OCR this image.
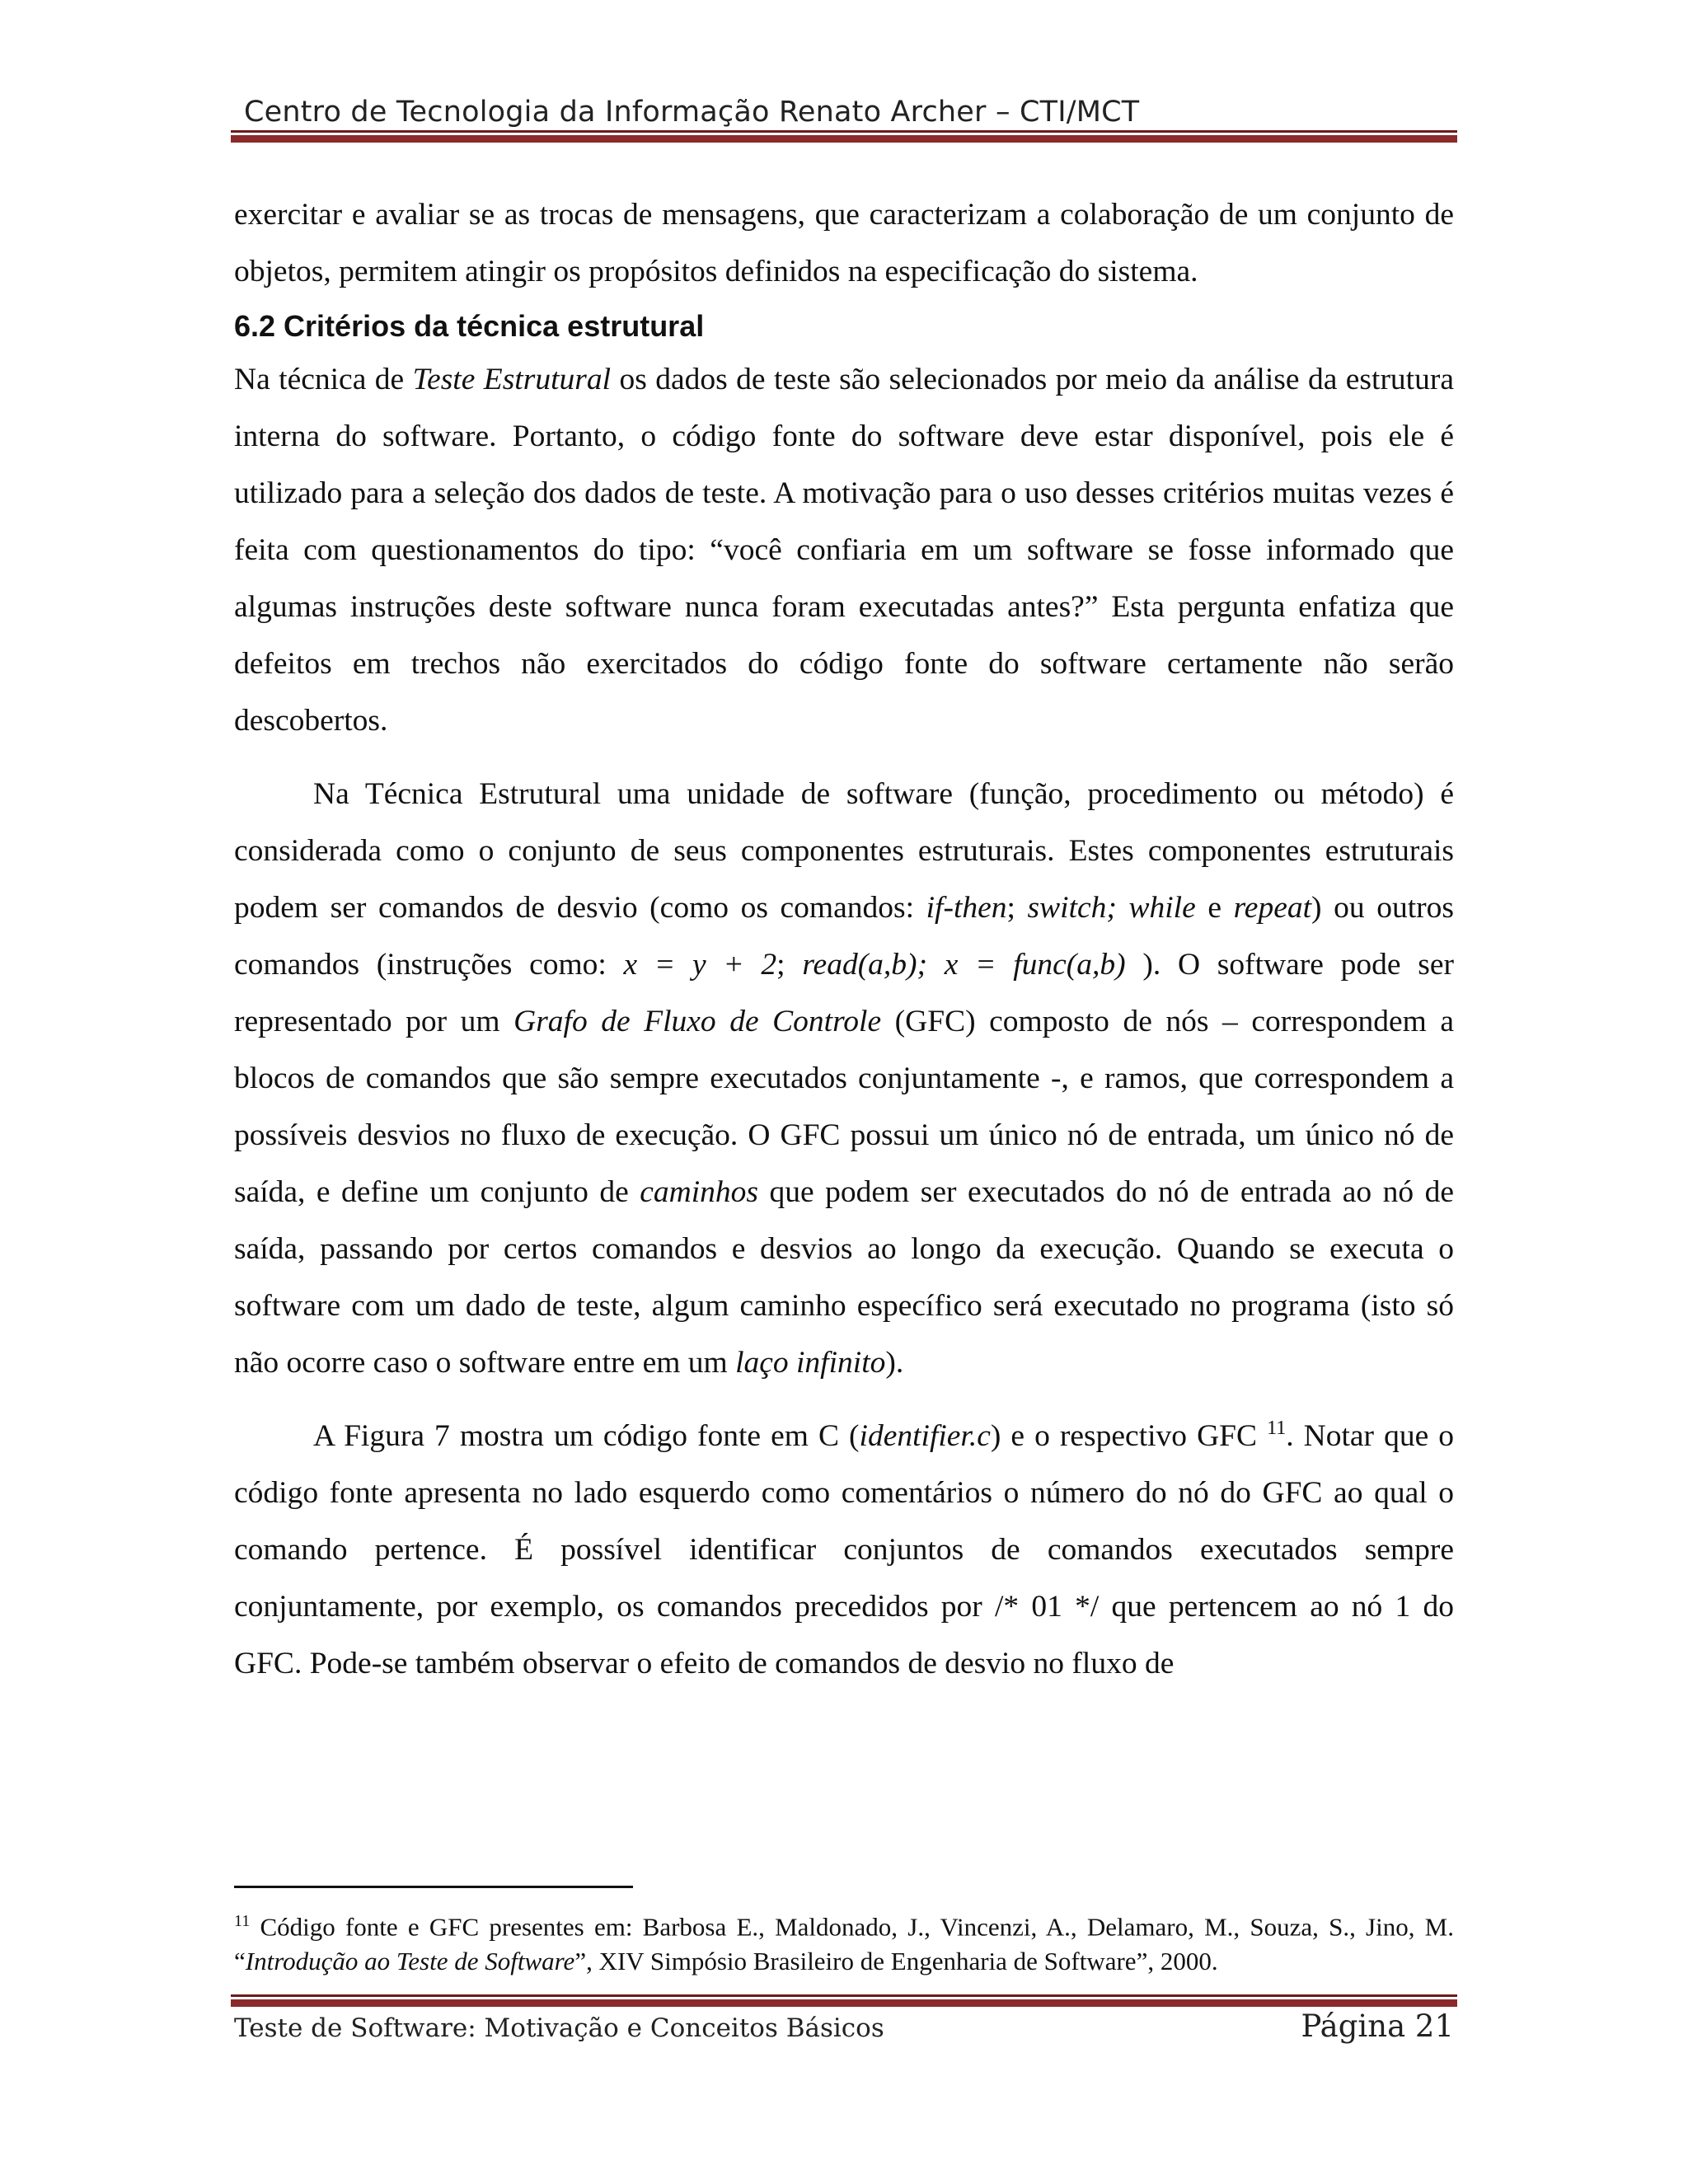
Centro de Tecnologia da Informação Renato Archer – CTI/MCT

exercitar e avaliar se as trocas de mensagens, que caracterizam a colaboração de um conjunto de objetos, permitem atingir os propósitos definidos na especificação do sistema.

6.2 Critérios da técnica estrutural

Na técnica de Teste Estrutural os dados de teste são selecionados por meio da análise da estrutura interna do software. Portanto, o código fonte do software deve estar disponível, pois ele é utilizado para a seleção dos dados de teste. A motivação para o uso desses critérios muitas vezes é feita com questionamentos do tipo: “você confiaria em um software se fosse informado que algumas instruções deste software nunca foram executadas antes?” Esta pergunta enfatiza que defeitos em trechos não exercitados do código fonte do software certamente não serão descobertos.

Na Técnica Estrutural uma unidade de software (função, procedimento ou método) é considerada como o conjunto de seus componentes estruturais. Estes componentes estruturais podem ser comandos de desvio (como os comandos: if-then; switch; while e repeat) ou outros comandos (instruções como: x = y + 2; read(a,b); x = func(a,b) ). O software pode ser representado por um Grafo de Fluxo de Controle (GFC) composto de nós – correspondem a blocos de comandos que são sempre executados conjuntamente -, e ramos, que correspondem a possíveis desvios no fluxo de execução. O GFC possui um único nó de entrada, um único nó de saída, e define um conjunto de caminhos que podem ser executados do nó de entrada ao nó de saída, passando por certos comandos e desvios ao longo da execução. Quando se executa o software com um dado de teste, algum caminho específico será executado no programa (isto só não ocorre caso o software entre em um laço infinito).

A Figura 7 mostra um código fonte em C (identifier.c) e o respectivo GFC $^{11}$. Notar que o código fonte apresenta no lado esquerdo como comentários o número do nó do GFC ao qual o comando pertence. É possível identificar conjuntos de comandos executados sempre conjuntamente, por exemplo, os comandos precedidos por /* 01 */ que pertencem ao nó 1 do GFC. Pode-se também observar o efeito de comandos de desvio no fluxo de

$^{11}$ Código fonte e GFC presentes em: Barbosa E., Maldonado, J., Vincenzi, A., Delamaro, M., Souza, S., Jino, M. “Introdução ao Teste de Software”, XIV Simpósio Brasileiro de Engenharia de Software”, 2000.
Teste de Software: Motivação e Conceitos Básicos	Página 21
